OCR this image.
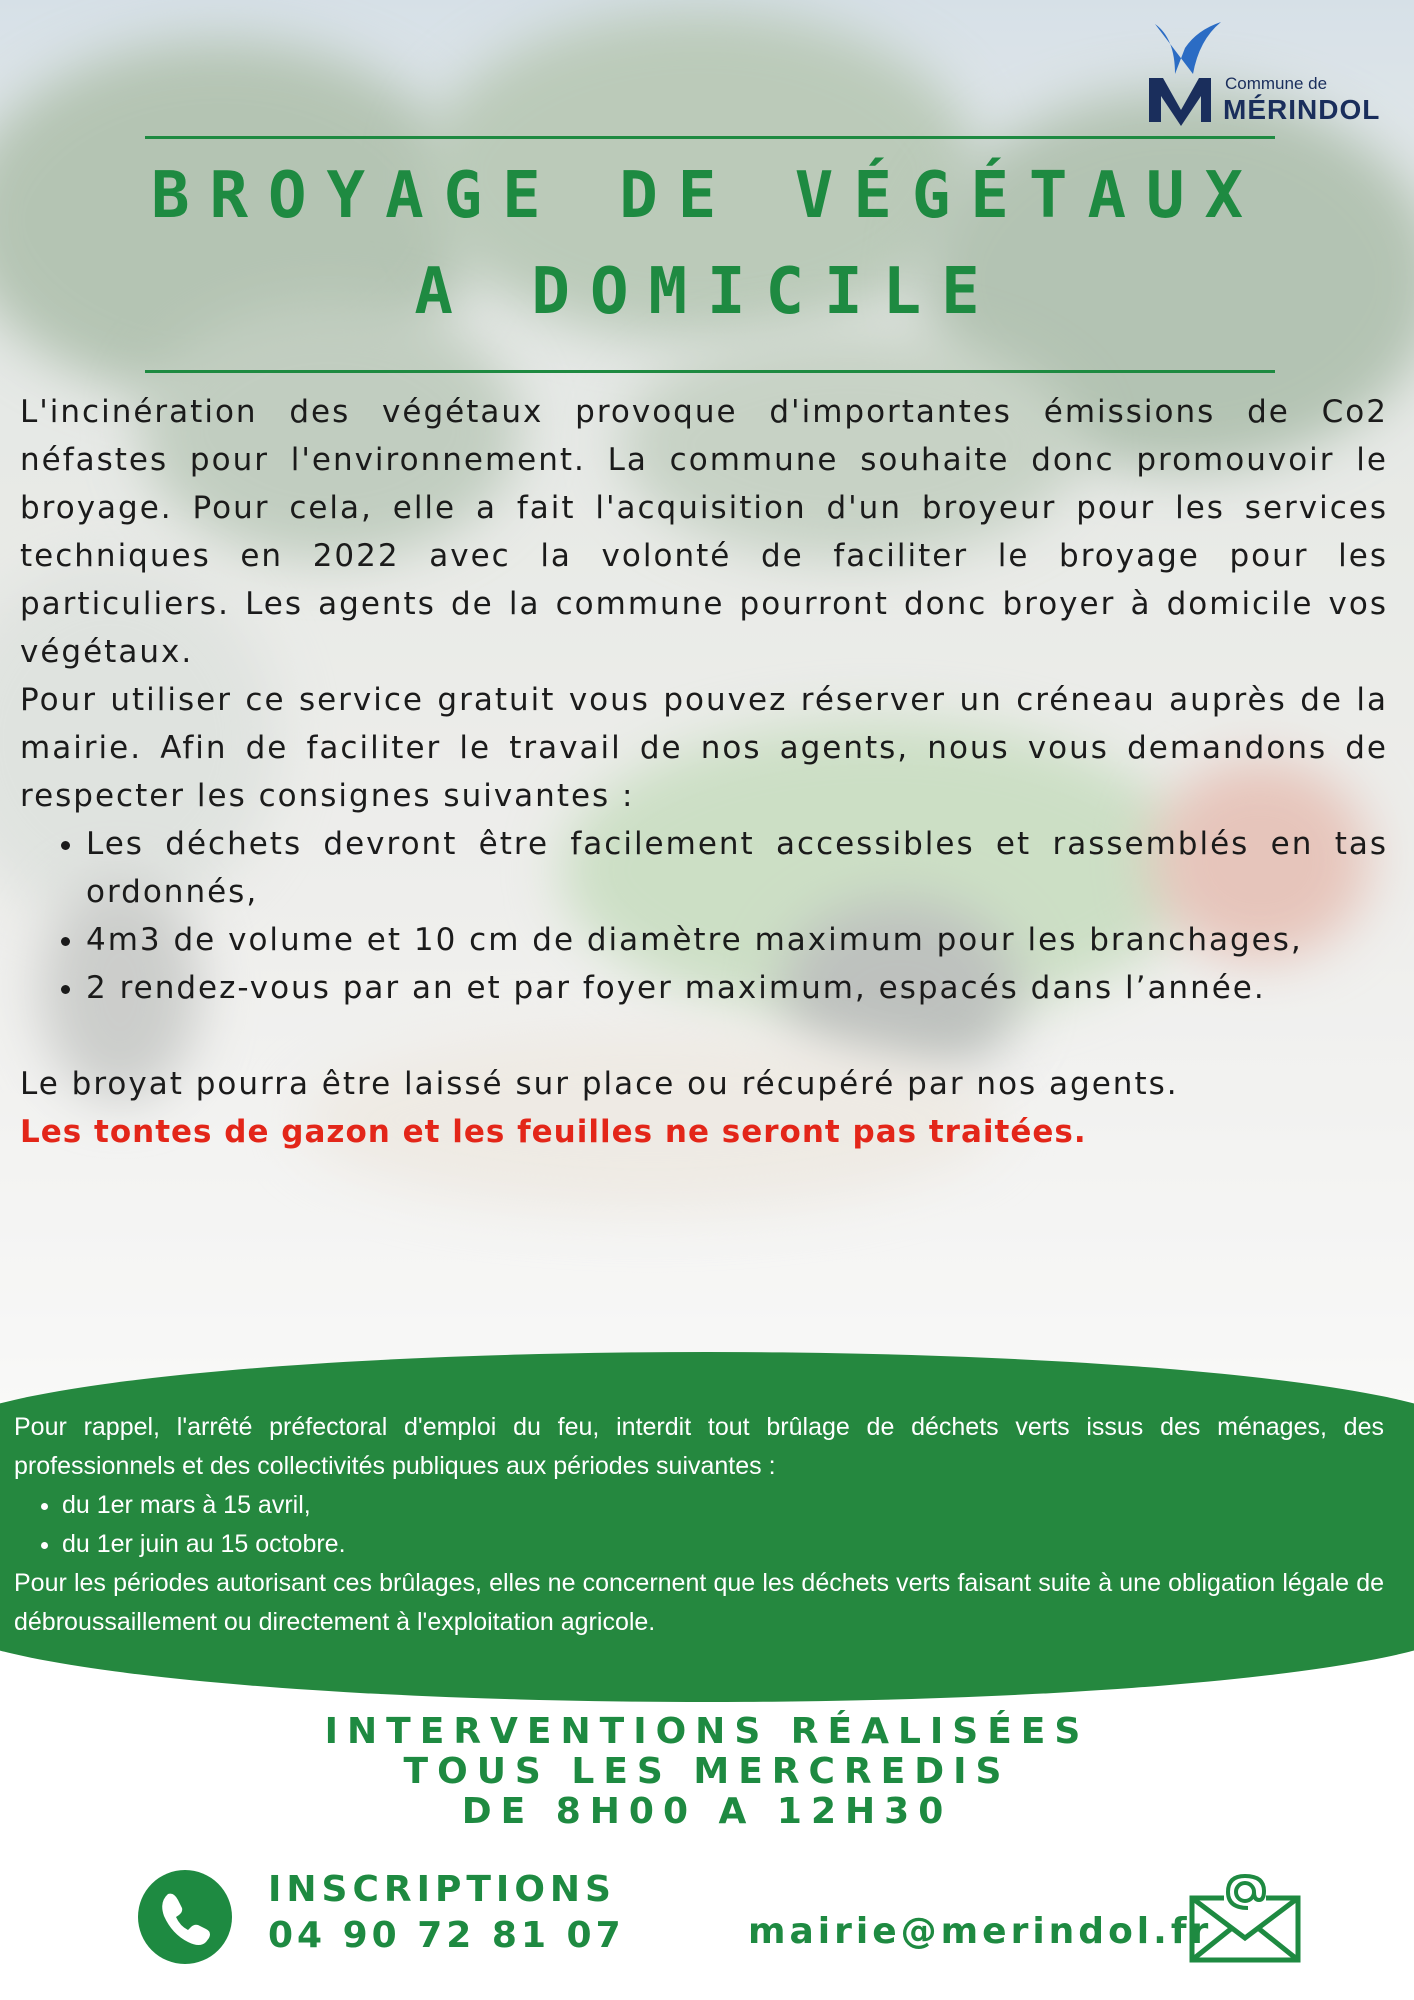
Commune de
MÉRINDOL
BROYAGE DE VÉGÉTAUX
A DOMICILE

L'incinération des végétaux provoque d'importantes émissions de Co2 néfastes pour l'environnement. La commune souhaite donc promouvoir le broyage. Pour cela, elle a fait l'acquisition d'un broyeur pour les services techniques en 2022 avec la volonté de faciliter le broyage pour les particuliers. Les agents de la commune pourront donc broyer à domicile vos végétaux.

Pour utiliser ce service gratuit vous pouvez réserver un créneau auprès de la mairie. Afin de faciliter le travail de nos agents, nous vous demandons de respecter les consignes suivantes :

• Les déchets devront être facilement accessibles et rassemblés en tas ordonnés,
• 4m3 de volume et 10 cm de diamètre maximum pour les branchages,
• 2 rendez-vous par an et par foyer maximum, espacés dans l’année.

Le broyat pourra être laissé sur place ou récupéré par nos agents.

Les tontes de gazon et les feuilles ne seront pas traitées.

Pour rappel, l'arrêté préfectoral d'emploi du feu, interdit tout brûlage de déchets verts issus des ménages, des professionnels et des collectivités publiques aux périodes suivantes :

• du 1er mars à 15 avril,
• du 1er juin au 15 octobre.

Pour les périodes autorisant ces brûlages, elles ne concernent que les déchets verts faisant suite à une obligation légale de débroussaillement ou directement à l'exploitation agricole.

INTERVENTIONS RÉALISÉES
TOUS LES MERCREDIS
DE 8H00 A 12H30
INSCRIPTIONS
04 90 72 81 07	mairie@merindol.fr
